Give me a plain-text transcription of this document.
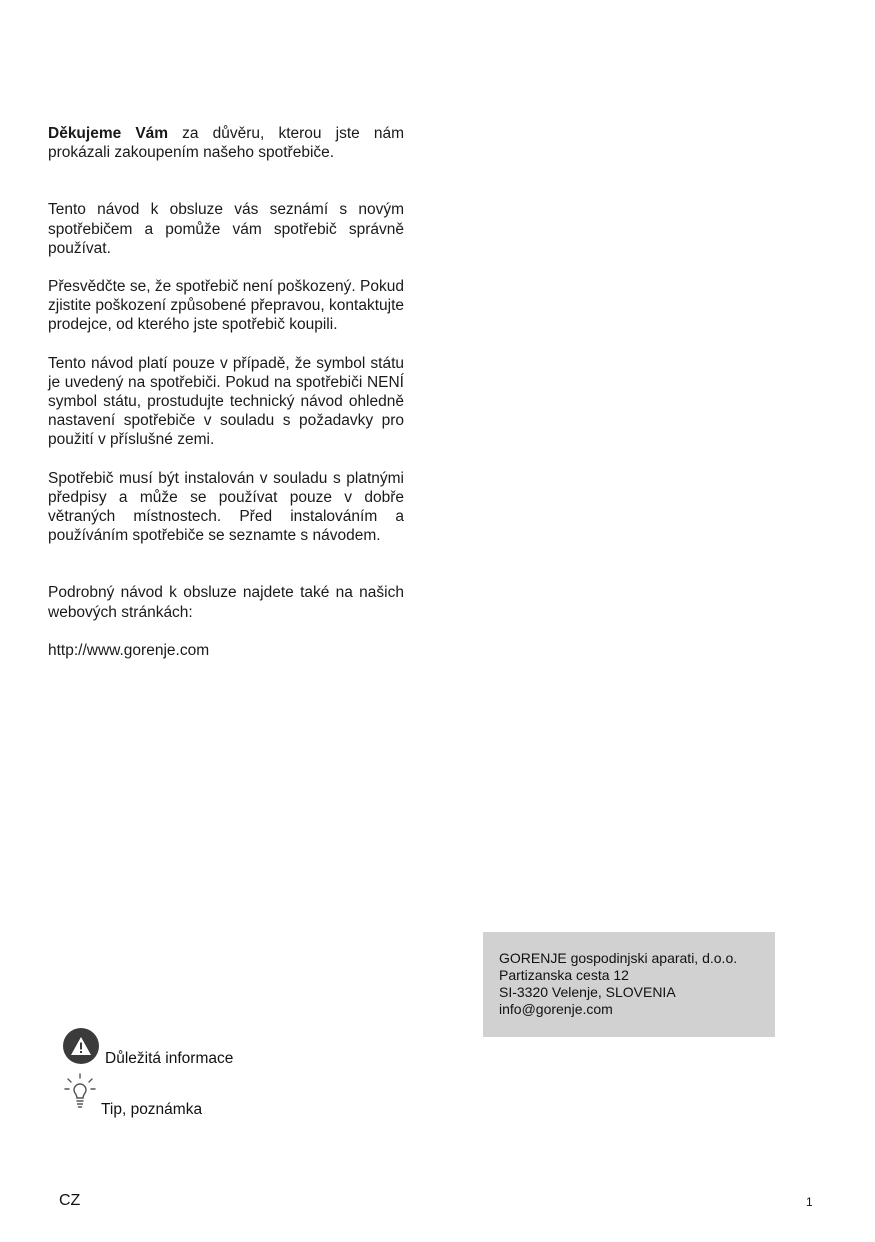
Děkujeme Vám za důvěru, kterou jste nám prokázali zakoupením našeho spotřebiče.

Tento návod k obsluze vás seznámí s novým spotřebičem a pomůže vám spotřebič správně používat.

Přesvědčte se, že spotřebič není poškozený. Pokud zjistite poškození způsobené přepravou, kontaktujte prodejce, od kterého jste spotřebič koupili.

Tento návod platí pouze v případě, že symbol státu je uvedený na spotřebiči. Pokud na spotřebiči NENÍ symbol státu, prostudujte technický návod ohledně nastavení spotřebiče v souladu s požadavky pro použití v příslušné zemi.

Spotřebič musí být instalován v souladu s platnými předpisy a může se používat pouze v dobře větraných místnostech. Před instalováním a používáním spotřebiče se seznamte s návodem.

Podrobný návod k obsluze najdete také na našich webových stránkách:

http://www.gorenje.com

GORENJE gospodinjski aparati, d.o.o.
Partizanska cesta 12
SI-3320 Velenje, SLOVENIA
info@gorenje.com
Důležitá informace
Tip, poznámka
CZ	1
